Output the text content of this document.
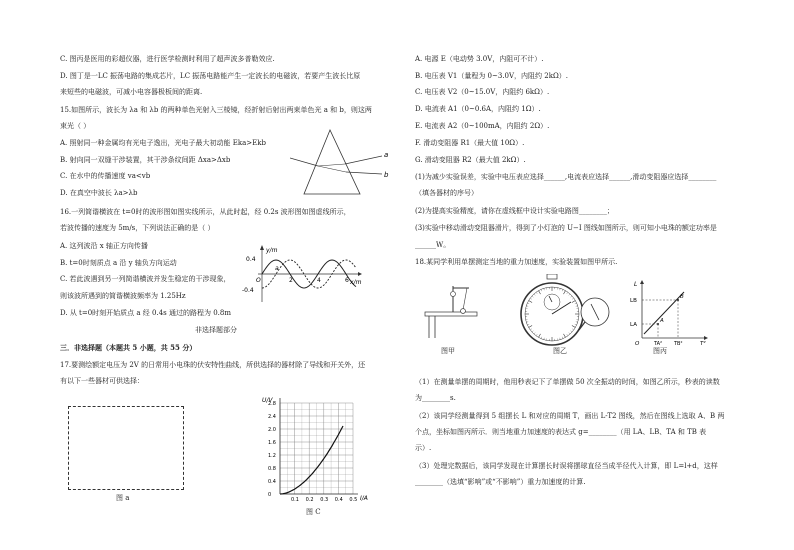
C. 图丙是医用的彩超仪器，进行医学检测时利用了超声波多普勒效应.
D. 图丁是一LC 振荡电路的集成芯片，LC 振荡电路能产生一定波长的电磁波，若要产生波长比原
来短些的电磁波，可减小电容器极板间的距离.
15.如图所示，波长为 λa 和 λb 的两种单色光射入三棱镜，经折射后射出两束单色光 a 和 b，则这两
束光（ ）
A. 照射同一种金属均有光电子逸出，光电子最大初动能 Eka>Ekb
B. 射向同一双缝干涉装置，其干涉条纹间距 Δxa>Δxb
C. 在水中的传播速度 va<vb
D. 在真空中波长 λa>λb
a
b
16.一列简谐横波在 t=0时的波形图如图实线所示，从此时起，经 0.2s 波形图如图虚线所示，
若波传播的速度为 5m/s，下列说法正确的是（ ）
A. 这列波沿 x 轴正方向传播
B. t=0时刻质点 a 沿 y 轴负方向运动
C. 若此波遇到另一列简谐横波并发生稳定的干涉现象，
则该波所遇到的简谐横波频率为 1.25Hz
D. 从 t=0时刻开始质点 a 经 0.4s 通过的路程为 0.8m
y/m
x/m
0.4
-0.4
O
a
2	4	6
非选择题部分
三．非选择题（本题共 5 小题，共 55 分）
17.要测绘额定电压为 2V 的日常用小电珠的伏安特性曲线，所供选择的器材除了导线和开关外，还
有以下一些器材可供选择：
图 a
U/V
I/A
2.8
2.4
2.0
1.6
1.2
0.8
0.4
0
0.1 0.2 0.3 0.4 0.5
图 C
A. 电源 E（电动势 3.0V，内阻可不计）.
B. 电压表 V1（量程为 0~3.0V，内阻约 2kΩ）.
C. 电压表 V2（0~15.0V，内阻约 6kΩ）.
D. 电流表 A1（0~0.6A，内阻约 1Ω）.
E. 电流表 A2（0~100mA，内阻约 2Ω）.
F. 滑动变阻器 R1（最大值 10Ω）.
G. 滑动变阻器 R2（最大值 2kΩ）.
(1)为减少实验误差，实验中电压表应选择______,电流表应选择______,滑动变阻器应选择________
（填各器材的序号）
(2)为提高实验精度，请你在虚线框中设计实验电路图________；
(3)实验中移动滑动变阻器滑片，得到了小灯泡的 U−I 图线如图所示，则可知小电珠的额定功率是
______W。
18.某同学利用单摆测定当地的重力加速度，实验装置如图甲所示.
图甲	图乙
L
LA
LB
O
A
B
TA² TB²	T²
图丙
（1）在测量单摆的周期时，他用秒表记下了单摆做 50 次全振动的时间，如图乙所示，秒表的读数
为________s.
（2）该同学经测量得到 5 组摆长 L 和对应的周期 T，画出 L-T2 图线，然后在图线上选取 A、B 两
个点，坐标如图丙所示．则当地重力加速度的表达式 g=________（用 LA、LB、TA 和 TB 表
示）.
（3）处理完数据后，该同学发现在计算摆长时误将摆球直径当成半径代入计算，即 L=l+d，这样
________（选填“影响”或“不影响”）重力加速度的计算.
